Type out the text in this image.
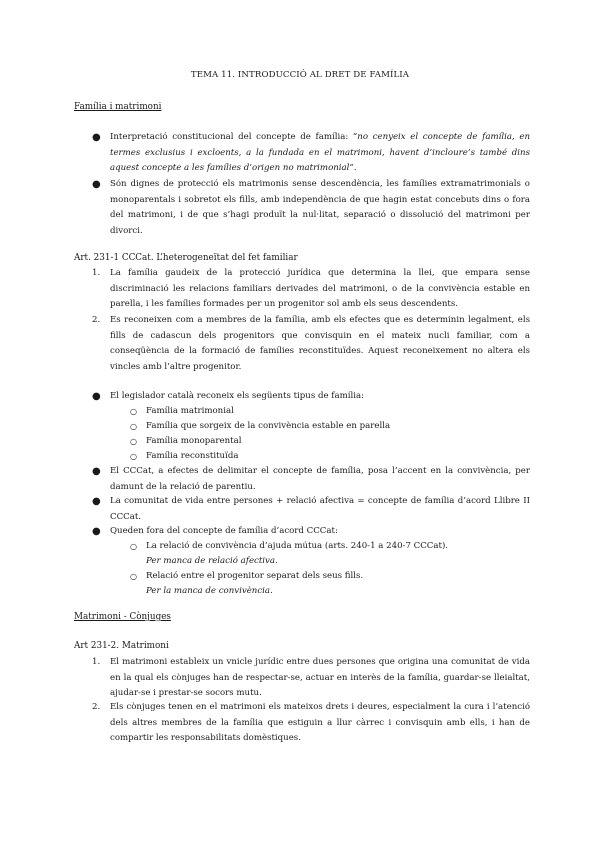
TEMA 11. INTRODUCCIÓ AL DRET DE FAMÍLIA
Família i matrimoni
● Interpretació constitucional del concepte de família: “no cenyeix el concepte de família, en termes exclusius i excloents, a la fundada en el matrimoni, havent d’incloure’s també dins aquest concepte a les famílies d’origen no matrimonial”.
● Són dignes de protecció els matrimonis sense descendència, les famílies extramatrimonials o monoparentals i sobretot els fills, amb independència de que hagin estat concebuts dins o fora del matrimoni, i de que s’hagi produït la nul·litat, separació o dissolució del matrimoni per divorci.
Art. 231-1 CCCat. L’heterogeneïtat del fet familiar
1. La família gaudeix de la protecció jurídica que determina la llei, que empara sense discriminació les relacions familiars derivades del matrimoni, o de la convivència estable en parella, i les famílies formades per un progenitor sol amb els seus descendents.
2. Es reconeixen com a membres de la família, amb els efectes que es determinin legalment, els fills de cadascun dels progenitors que convisquin en el mateix nucli familiar, com a conseqüència de la formació de famílies reconstituïdes. Aquest reconeixement no altera els vincles amb l’altre progenitor.
● El legislador català reconeix els següents tipus de família:
○ Família matrimonial
○ Família que sorgeix de la convivència estable en parella
○ Família monoparental
○ Família reconstituïda
● El CCCat, a efectes de delimitar el concepte de família, posa l’accent en la convivència, per damunt de la relació de parentiu.
● La comunitat de vida entre persones + relació afectiva = concepte de família d’acord Llibre II CCCat.
● Queden fora del concepte de família d’acord CCCat:
○ La relació de convivència d’ajuda mútua (arts. 240-1 a 240-7 CCCat).
Per manca de relació afectiva.
○ Relació entre el progenitor separat dels seus fills.
Per la manca de convivència.
Matrimoni - Cònjuges
Art 231-2. Matrimoni
1. El matrimoni estableix un vnicle jurídic entre dues persones que origina una comunitat de vida en la qual els cònjuges han de respectar-se, actuar en interès de la família, guardar-se lleialtat, ajudar-se i prestar-se socors mutu.
2. Els cònjuges tenen en el matrimoni els mateixos drets i deures, especialment la cura i l’atenció dels altres membres de la família que estiguin a llur càrrec i convisquin amb ells, i han de compartir les responsabilitats domèstiques.
